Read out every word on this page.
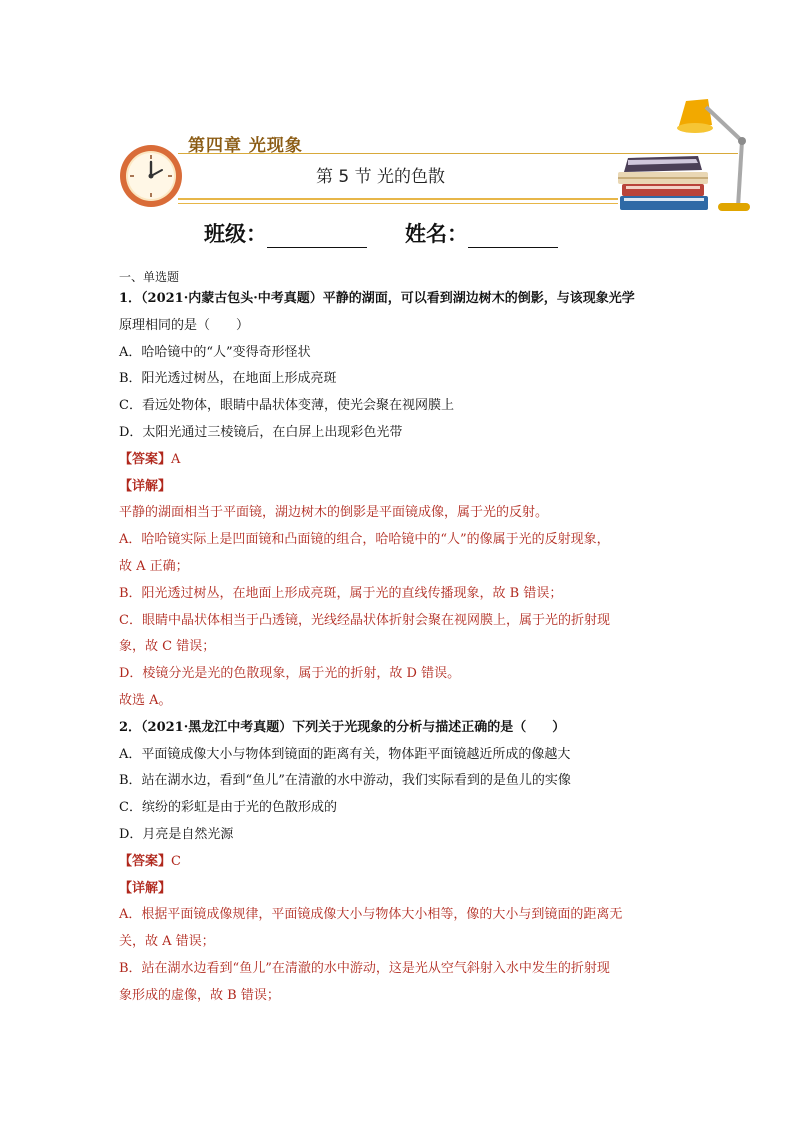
第四章 光现象
第 5 节 光的色散
班级：	姓名：
一、单选题
1．（2021·内蒙古包头·中考真题）平静的湖面，可以看到湖边树木的倒影，与该现象光学
原理相同的是（　　）
A．哈哈镜中的“人”变得奇形怪状
B．阳光透过树丛，在地面上形成亮斑
C．看远处物体，眼睛中晶状体变薄，使光会聚在视网膜上
D．太阳光通过三棱镜后，在白屏上出现彩色光带
【答案】A
【详解】
平静的湖面相当于平面镜，湖边树木的倒影是平面镜成像，属于光的反射。
A．哈哈镜实际上是凹面镜和凸面镜的组合，哈哈镜中的“人”的像属于光的反射现象，
故 A 正确；
B．阳光透过树丛，在地面上形成亮斑，属于光的直线传播现象，故 B 错误；
C．眼睛中晶状体相当于凸透镜，光线经晶状体折射会聚在视网膜上，属于光的折射现
象，故 C 错误；
D．棱镜分光是光的色散现象，属于光的折射，故 D 错误。
故选 A。
2．（2021·黑龙江中考真题）下列关于光现象的分析与描述正确的是（　　）
A．平面镜成像大小与物体到镜面的距离有关，物体距平面镜越近所成的像越大
B．站在湖水边，看到“鱼儿”在清澈的水中游动，我们实际看到的是鱼儿的实像
C．缤纷的彩虹是由于光的色散形成的
D．月亮是自然光源
【答案】C
【详解】
A．根据平面镜成像规律，平面镜成像大小与物体大小相等，像的大小与到镜面的距离无
关，故 A 错误；
B．站在湖水边看到“鱼儿”在清澈的水中游动，这是光从空气斜射入水中发生的折射现
象形成的虚像，故 B 错误；
